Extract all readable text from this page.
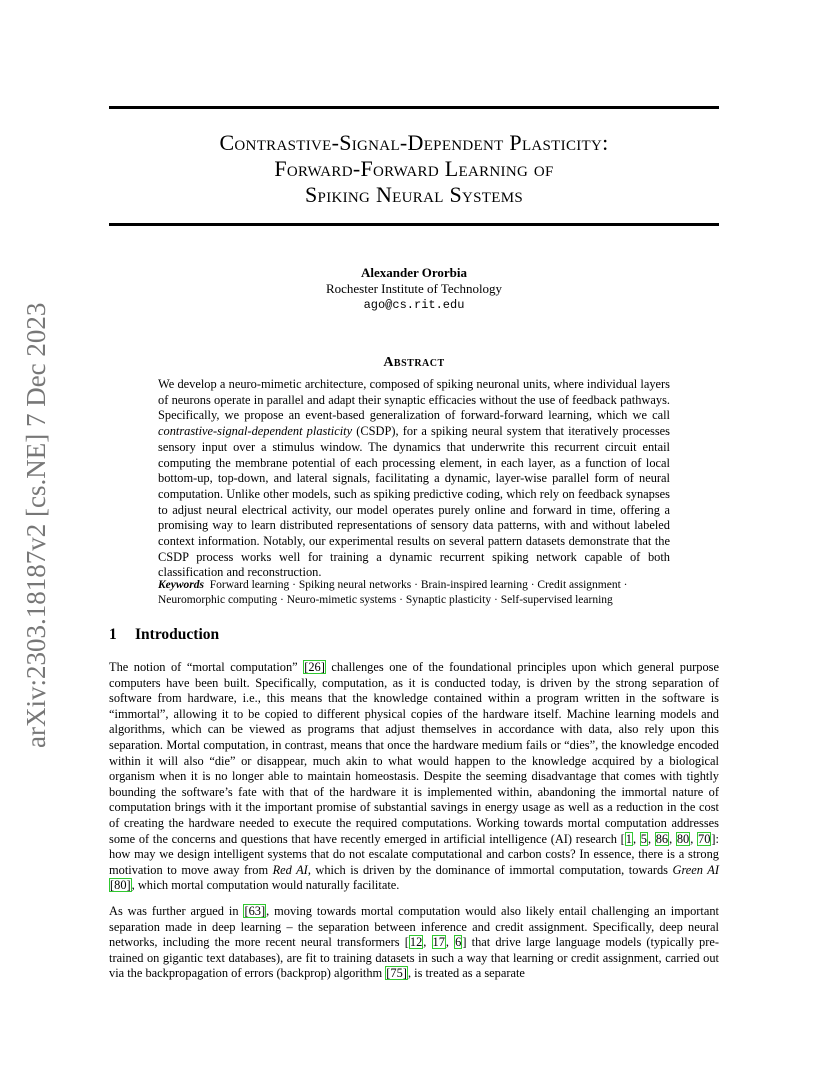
arXiv:2303.18187v2 [cs.NE] 7 Dec 2023
Contrastive-Signal-Dependent Plasticity:
Forward-Forward Learning of
Spiking Neural Systems
Alexander Ororbia
Rochester Institute of Technology
ago@cs.rit.edu
Abstract
We develop a neuro-mimetic architecture, composed of spiking neuronal units, where individual layers of neurons operate in parallel and adapt their synaptic efficacies without the use of feedback pathways. Specifically, we propose an event-based generalization of forward-forward learning, which we call contrastive-signal-dependent plasticity (CSDP), for a spiking neural system that iteratively processes sensory input over a stimulus window. The dynamics that underwrite this recurrent circuit entail computing the membrane potential of each processing element, in each layer, as a function of local bottom-up, top-down, and lateral signals, facilitating a dynamic, layer-wise parallel form of neural computation. Unlike other models, such as spiking predictive coding, which rely on feedback synapses to adjust neural electrical activity, our model operates purely online and forward in time, offering a promising way to learn distributed representations of sensory data patterns, with and without labeled context information. Notably, our experimental results on several pattern datasets demonstrate that the CSDP process works well for training a dynamic recurrent spiking network capable of both classification and reconstruction.
Keywords Forward learning · Spiking neural networks · Brain-inspired learning · Credit assignment · Neuromorphic computing · Neuro-mimetic systems · Synaptic plasticity · Self-supervised learning
1 Introduction
The notion of “mortal computation” [26] challenges one of the foundational principles upon which general purpose computers have been built. Specifically, computation, as it is conducted today, is driven by the strong separation of software from hardware, i.e., this means that the knowledge contained within a program written in the software is “immortal”, allowing it to be copied to different physical copies of the hardware itself. Machine learning models and algorithms, which can be viewed as programs that adjust themselves in accordance with data, also rely upon this separation. Mortal computation, in contrast, means that once the hardware medium fails or “dies”, the knowledge encoded within it will also “die” or disappear, much akin to what would happen to the knowledge acquired by a biological organism when it is no longer able to maintain homeostasis. Despite the seeming disadvantage that comes with tightly bounding the software’s fate with that of the hardware it is implemented within, abandoning the immortal nature of computation brings with it the important promise of substantial savings in energy usage as well as a reduction in the cost of creating the hardware needed to execute the required computations. Working towards mortal computation addresses some of the concerns and questions that have recently emerged in artificial intelligence (AI) research [1, 5, 86, 80, 70]: how may we design intelligent systems that do not escalate computational and carbon costs? In essence, there is a strong motivation to move away from Red AI, which is driven by the dominance of immortal computation, towards Green AI [80], which mortal computation would naturally facilitate.
As was further argued in [63], moving towards mortal computation would also likely entail challenging an important separation made in deep learning – the separation between inference and credit assignment. Specifically, deep neural networks, including the more recent neural transformers [12, 17, 6] that drive large language models (typically pre-trained on gigantic text databases), are fit to training datasets in such a way that learning or credit assignment, carried out via the backpropagation of errors (backprop) algorithm [75], is treated as a separate
